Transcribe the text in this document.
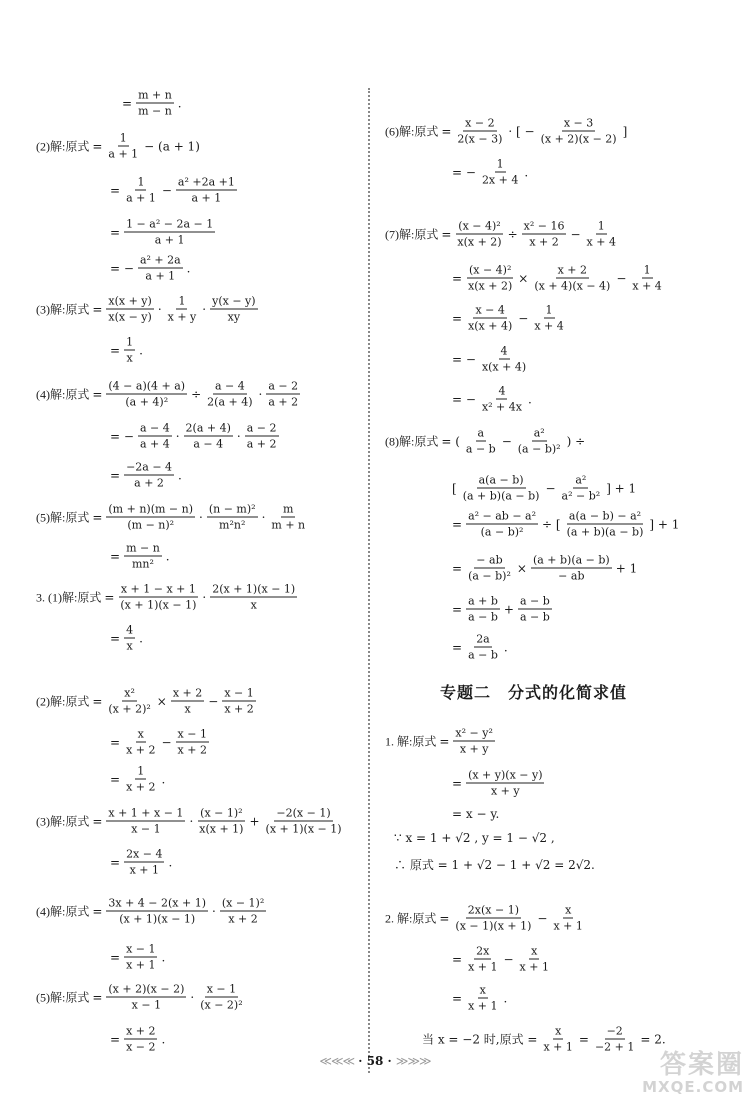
= $\frac{m + n}{m - n}$ .
(2)解:原式 = $\frac{1}{a + 1} - (a + 1)$
= $\frac{1}{a + 1} - \frac{\text{a² +2a +1}}{a + 1}$
= $\frac{\text{1 − a² − 2a − 1}}{a + 1}$
= − $\frac{\text{a² + 2a}}{a + 1}$ .
(3)解:原式 = $\frac{x(x + y)}{x(x - y)} \cdot \frac{1}{x + y} \cdot \frac{y(x - y)}{xy}$
= $\frac{1}{x}$ .
(4)解:原式 = $\frac{(4 - a)(4 + a)}{\text{(a + 4)²}} \div \frac{a - 4}{2(a + 4)} \cdot \frac{a - 2}{a + 2}$
= − $\frac{a - 4}{a + 4} \cdot \frac{2(a + 4)}{a - 4} \cdot \frac{a - 2}{a + 2}$
= $\frac{-2a - 4}{a + 2}$ .
(5)解:原式 = $\frac{(m + n)(m - n)}{\text{(m − n)²}} \cdot \frac{\text{(n − m)²}}{\text{m²n²}} \cdot \frac{m}{m + n}$
= $\frac{m - n}{\text{mn²}}$ .
3. (1)解:原式 = $\frac{x + 1 - x + 1}{(x + 1)(x - 1)} \cdot \frac{2(x + 1)(x - 1)}{x}$
= $\frac{4}{x}$ .
(2)解:原式 = $\frac{\text{x²}}{\text{(x + 2)²}} \times \frac{x + 2}{x} - \frac{x - 1}{x + 2}$
= $\frac{x}{x + 2} - \frac{x - 1}{x + 2}$
= $\frac{1}{x + 2}$ .
(3)解:原式 = $\frac{x + 1 + x - 1}{x - 1} \cdot \frac{\text{(x − 1)²}}{x(x + 1)} + \frac{-2(x - 1)}{(x + 1)(x - 1)}$
= $\frac{2x - 4}{x + 1}$ .
(4)解:原式 = $\frac{3x + 4 - 2(x + 1)}{(x + 1)(x - 1)} \cdot \frac{\text{(x − 1)²}}{x + 2}$
= $\frac{x - 1}{x + 1}$ .
(5)解:原式 = $\frac{(x + 2)(x - 2)}{x - 1} \cdot \frac{x - 1}{\text{(x − 2)²}}$
= $\frac{x + 2}{x - 2}$ .
(6)解:原式 = $\frac{x - 2}{2(x - 3)}$ · [ − $\frac{x - 3}{(x + 2)(x - 2)}$ ]
= − $\frac{1}{2x + 4}$ .
(7)解:原式 = $\frac{\text{(x − 4)²}}{x(x + 2)} \div \frac{\text{x² − 16}}{x + 2} - \frac{1}{x + 4}$
= $\frac{\text{(x − 4)²}}{x(x + 2)} \times \frac{x + 2}{(x + 4)(x - 4)} - \frac{1}{x + 4}$
= $\frac{x - 4}{x(x + 4)} - \frac{1}{x + 4}$
= − $\frac{4}{x(x + 4)}$
= − $\frac{4}{\text{x² + 4x}}$ .
(8)解:原式 = ( $\frac{a}{a - b} - \frac{\text{a²}}{\text{(a − b)²}}$ ) ÷
[ $\frac{a(a - b)}{(a + b)(a - b)} - \frac{\text{a²}}{\text{a² − b²}}$ ] + 1
= $\frac{\text{a² − ab − a²}}{\text{(a − b)²}}$ ÷ [ $\frac{\text{a(a − b) − a²}}{(a + b)(a - b)}$ ] + 1
= $\frac{- ab}{\text{(a − b)²}} \times \frac{(a + b)(a - b)}{- ab} + 1$
= $\frac{a + b}{a - b} + \frac{a - b}{a - b}$
= $\frac{2a}{a - b}$ .
1. 解:原式 = $\frac{\text{x² − y²}}{x + y}$
= $\frac{(x + y)(x - y)}{x + y}$
= x − y.
∵ x = 1 + √2 , y = 1 − √2 ,
∴ 原式 = 1 + √2 − 1 + √2 = 2√2.
2. 解:原式 = $\frac{2x(x - 1)}{(x - 1)(x + 1)} - \frac{x}{x + 1}$
= $\frac{2x}{x + 1} - \frac{x}{x + 1}$
= $\frac{x}{x + 1}$ .
当 x = −2 时,原式 = $\frac{x}{x + 1} = \frac{-2}{-2 + 1} = 2$.
专题二　分式的化简求值
≪≪≪ · 58 · ≫≫≫	答案圈
MXQE.COM
